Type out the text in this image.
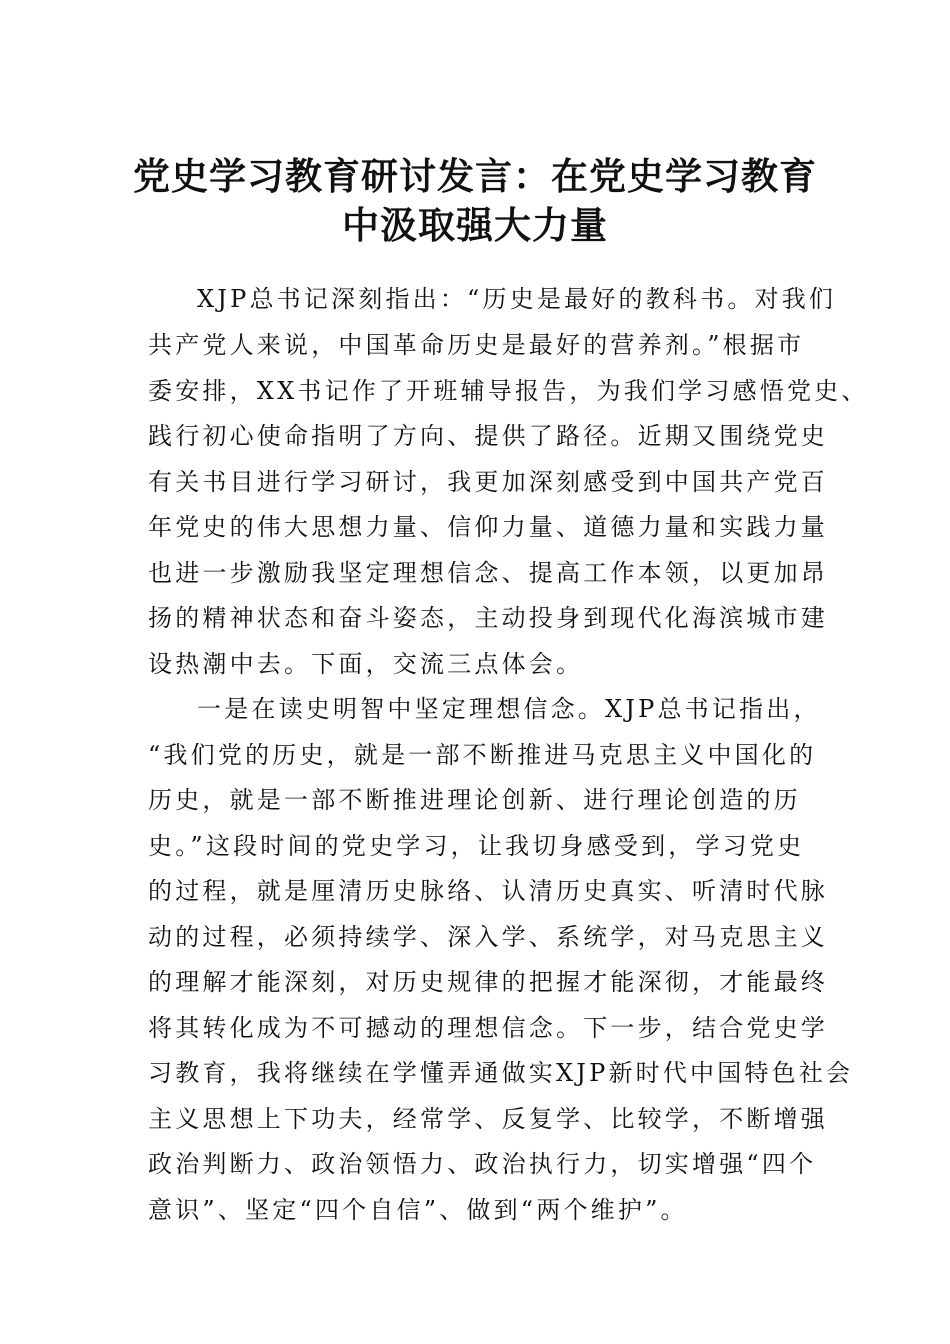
党史学习教育研讨发言：在党史学习教育
中汲取强大力量

XJP总书记深刻指出：“历史是最好的教科书。对我们

共产党人来说，中国革命历史是最好的营养剂。”根据市

委安排，XX书记作了开班辅导报告，为我们学习感悟党史、

践行初心使命指明了方向、提供了路径。近期又围绕党史

有关书目进行学习研讨，我更加深刻感受到中国共产党百

年党史的伟大思想力量、信仰力量、道德力量和实践力量

也进一步激励我坚定理想信念、提高工作本领，以更加昂

扬的精神状态和奋斗姿态，主动投身到现代化海滨城市建

设热潮中去。下面，交流三点体会。

一是在读史明智中坚定理想信念。XJP总书记指出，

“我们党的历史，就是一部不断推进马克思主义中国化的

历史，就是一部不断推进理论创新、进行理论创造的历

史。”这段时间的党史学习，让我切身感受到，学习党史

的过程，就是厘清历史脉络、认清历史真实、听清时代脉

动的过程，必须持续学、深入学、系统学，对马克思主义

的理解才能深刻，对历史规律的把握才能深彻，才能最终

将其转化成为不可撼动的理想信念。下一步，结合党史学

习教育，我将继续在学懂弄通做实XJP新时代中国特色社会

主义思想上下功夫，经常学、反复学、比较学，不断增强

政治判断力、政治领悟力、政治执行力，切实增强“四个

意识”、坚定“四个自信”、做到“两个维护”。
